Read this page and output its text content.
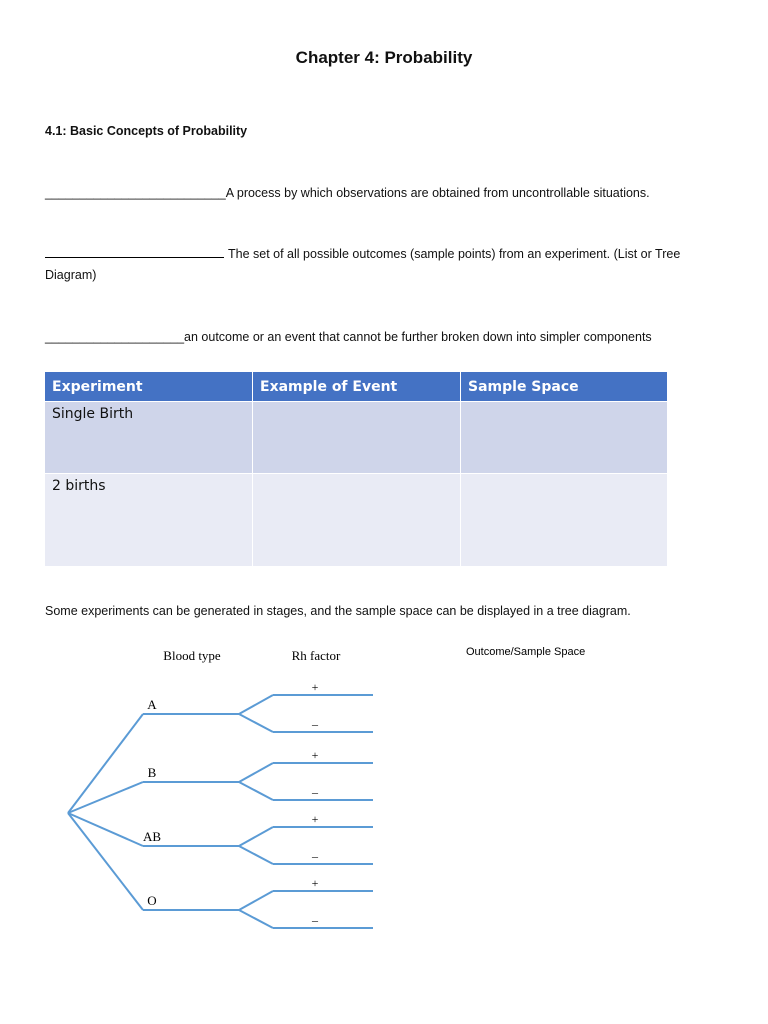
Chapter 4: Probability
4.1: Basic Concepts of Probability
__________________________A process by which observations are obtained from uncontrollable situations.
The set of all possible outcomes (sample points) from an experiment. (List or Tree Diagram)
____________________an outcome or an event that cannot be further broken down into simpler components
Experiment	Example of Event	Sample Space
Single Birth		
2 births		
Some experiments can be generated in stages, and the sample space can be displayed in a tree diagram.
Blood type	Rh factor	Outcome/Sample Space
A
+
–
B
+
–
AB
+
–
O
+
–
